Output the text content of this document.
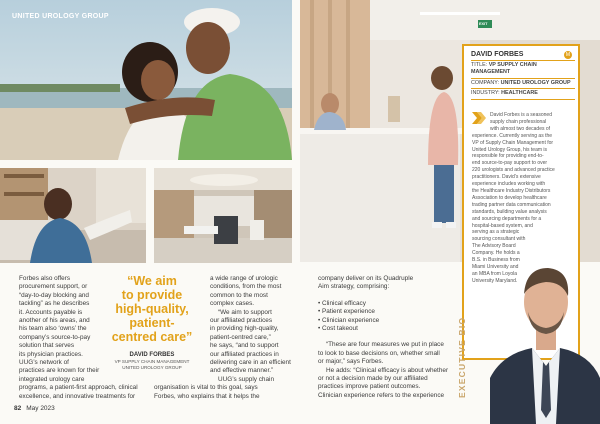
UNITED UROLOGY GROUP
EXIT
Forbes also offers
procurement support, or
“day-to-day blocking and
tackling” as he describes
it. Accounts payable is
another of his areas, and
his team also ‘owns’ the
company’s source-to-pay
solution that serves
its physician practices.
UUG’s network of
practices are known for their
integrated urology care
programs, a patient-first approach, clinical
excellence, and innovative treatments for
“We aim
to provide
high-quality,
patient-
centred care”
DAVID FORBES
VP SUPPLY CHAIN MANAGEMENT
UNITED UROLOGY GROUP
a wide range of urologic
conditions, from the most
common to the most
complex cases.
“We aim to support
our affiliated practices
in providing high-quality,
patient-centred care,”
he says, “and to support
our affiliated practices in
delivering care in an efficient
and effective manner.”
UUG’s supply chain
organisation is vital to this goal, says
Forbes, who explains that it helps the
company deliver on its Quadruple
Aim strategy, comprising:
• Clinical efficacy
• Patient experience
• Clinician experience
• Cost takeout
“These are four measures we put in place
to look to base decisions on, whether small
or major,” says Forbes.
He adds: “Clinical efficacy is about whether
or not a decision made by our affiliated
practices improve patient outcomes.
Clinician experience refers to the experience
82 May 2023
DAVID FORBES	M
TITLE: VP SUPPLY CHAIN MANAGEMENT
COMPANY: UNITED UROLOGY GROUP
INDUSTRY: HEALTHCARE
David Forbes is a seasoned
supply chain professional
with almost two decades of
experience. Currently serving as the
VP of Supply Chain Management for
United Urology Group, his team is
responsible for providing end-to-
end source-to-pay support to over
220 urologists and advanced practice
practitioners. David’s extensive
experience includes working with
the Healthcare Industry Distributors
Association to develop healthcare
trading partner data communication
standards, building value analysis
and sourcing departments for a
hospital-based system, and
serving as a strategic
sourcing consultant with
The Advisory Board
Company. He holds a
B.S. in Business from
Miami University and
an MBA from Loyola
University Maryland.
EXECUTIVE BIO
